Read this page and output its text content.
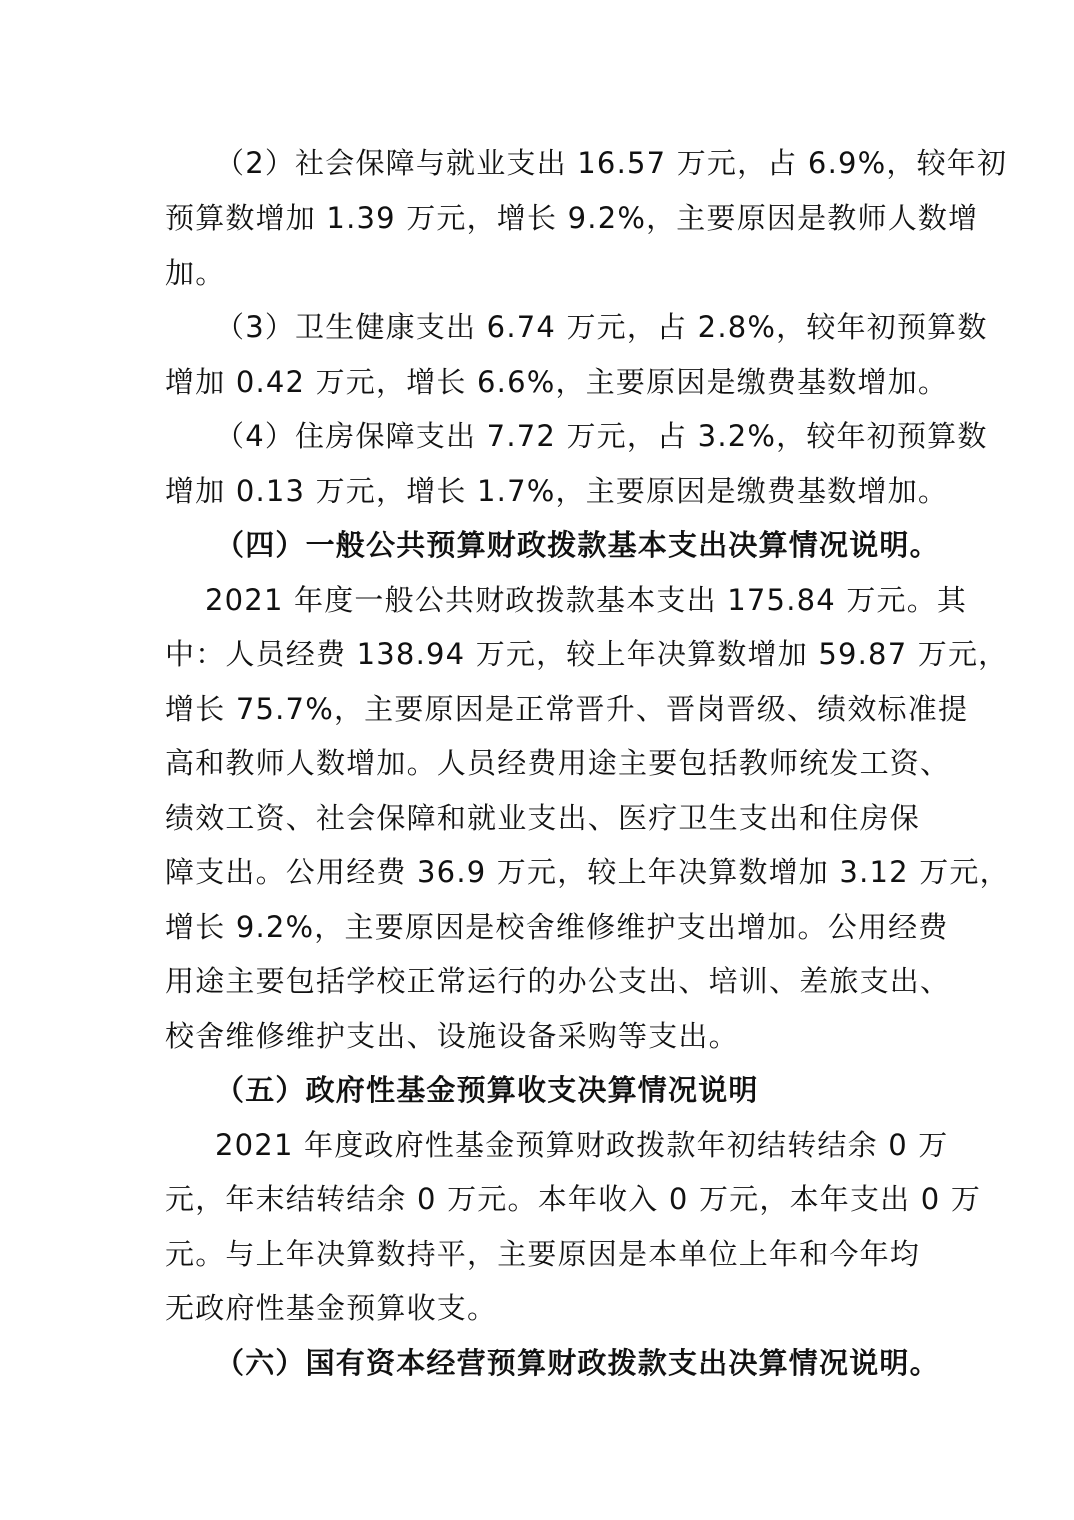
（2）社会保障与就业支出 16.57 万元，占 6.9%，较年初
预算数增加 1.39 万元，增长 9.2%，主要原因是教师人数增
加。
（3）卫生健康支出 6.74 万元，占 2.8%，较年初预算数
增加 0.42 万元，增长 6.6%，主要原因是缴费基数增加。
（4）住房保障支出 7.72 万元，占 3.2%，较年初预算数
增加 0.13 万元，增长 1.7%，主要原因是缴费基数增加。
（四）一般公共预算财政拨款基本支出决算情况说明。
2021 年度一般公共财政拨款基本支出 175.84 万元。其
中：人员经费 138.94 万元，较上年决算数增加 59.87 万元，
增长 75.7%，主要原因是正常晋升、晋岗晋级、绩效标准提
高和教师人数增加。人员经费用途主要包括教师统发工资、
绩效工资、社会保障和就业支出、医疗卫生支出和住房保
障支出。公用经费 36.9 万元，较上年决算数增加 3.12 万元，
增长 9.2%，主要原因是校舍维修维护支出增加。公用经费
用途主要包括学校正常运行的办公支出、培训、差旅支出、
校舍维修维护支出、设施设备采购等支出。
（五）政府性基金预算收支决算情况说明
2021 年度政府性基金预算财政拨款年初结转结余 0 万
元，年末结转结余 0 万元。本年收入 0 万元，本年支出 0 万
元。与上年决算数持平，主要原因是本单位上年和今年均
无政府性基金预算收支。
（六）国有资本经营预算财政拨款支出决算情况说明。
